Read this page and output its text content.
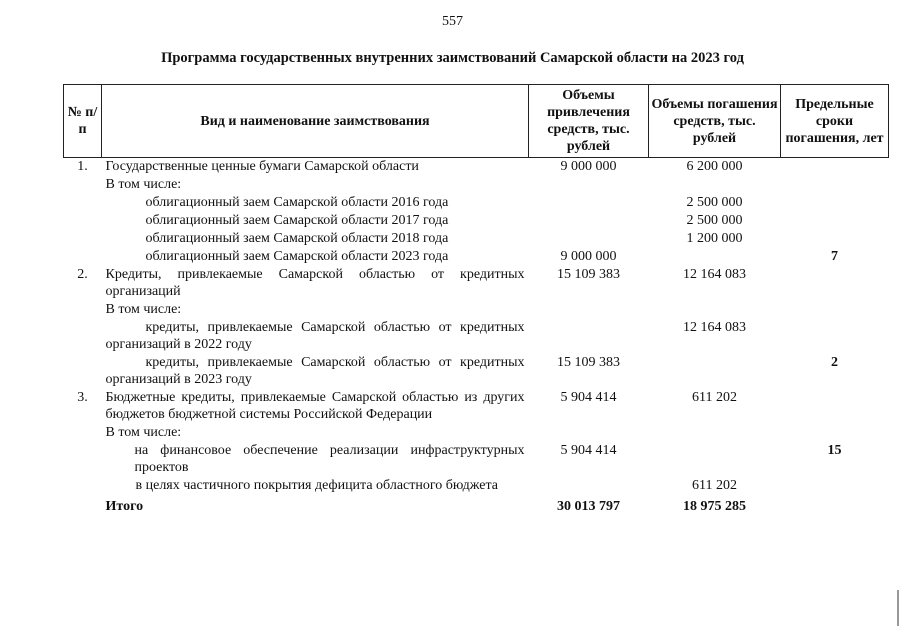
557
Программа государственных внутренних заимствований Самарской области на 2023 год
№ п/п	Вид и наименование заимствования	Объемы привлечения средств, тыс. рублей	Объемы погашения средств, тыс. рублей	Предельные сроки погашения, лет
1.	Государственные ценные бумаги Самарской области	9 000 000	6 200 000	
	В том числе:			
	облигационный заем Самарской области 2016 года		2 500 000	
	облигационный заем Самарской области 2017 года		2 500 000	
	облигационный заем Самарской области 2018 года		1 200 000	
	облигационный заем Самарской области 2023 года	9 000 000		7
2.	Кредиты, привлекаемые Самарской областью от кредитных организаций	15 109 383	12 164 083	
	В том числе:			
	кредиты, привлекаемые Самарской областью от кредитных организаций в 2022 году		12 164 083	
	кредиты, привлекаемые Самарской областью от кредитных организаций в 2023 году	15 109 383		2
3.	Бюджетные кредиты, привлекаемые Самарской областью из других бюджетов бюджетной системы Российской Федерации	5 904 414	611 202	
	В том числе:			
	на финансовое обеспечение реализации инфраструктурных проектов	5 904 414		15
	в целях частичного покрытия дефицита областного бюджета		611 202	
	Итого	30 013 797	18 975 285	
